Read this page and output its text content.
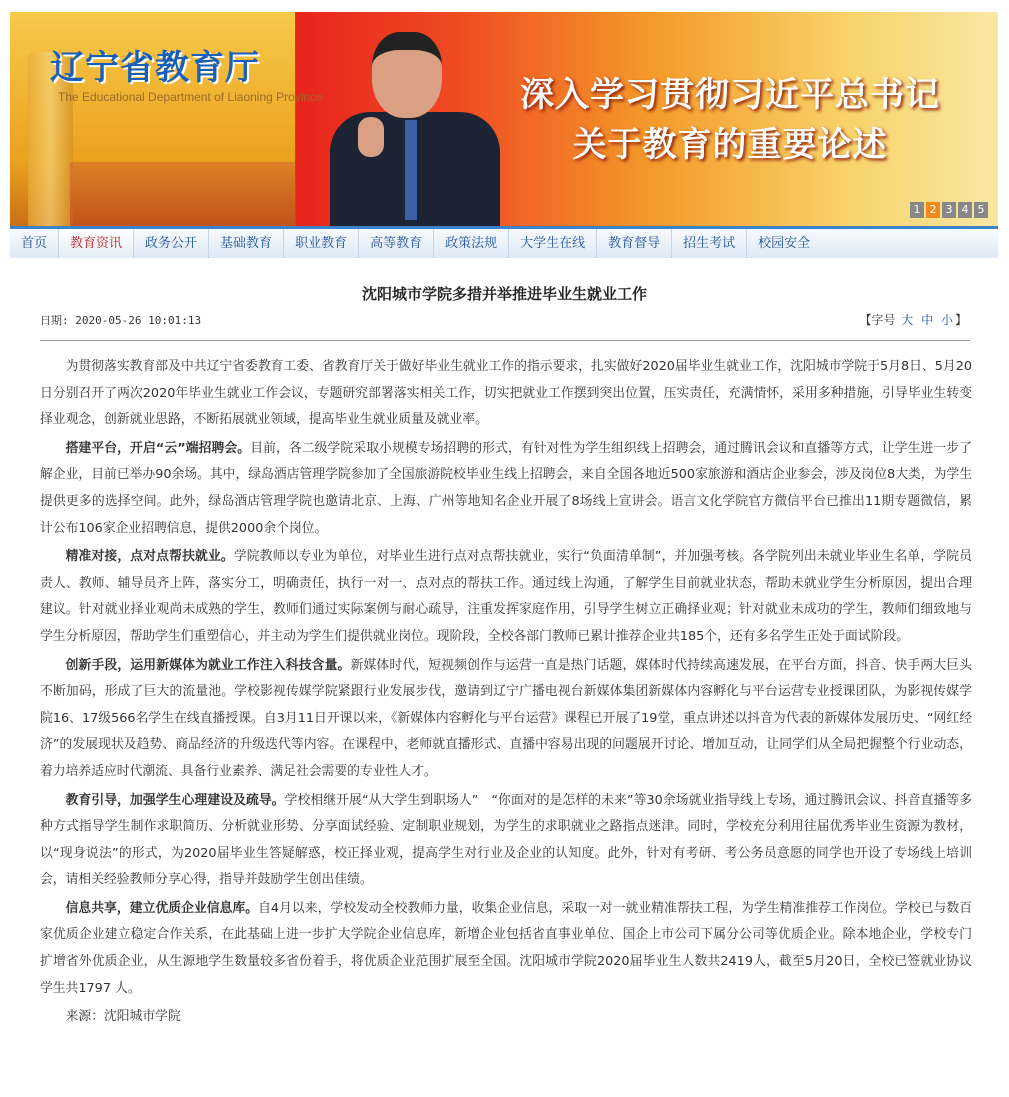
辽宁省教育厅
The Educational Department of Liaoning Province	深入学习贯彻习近平总书记
关于教育的重要论述
1 2 3 4 5
首页	教育资讯	政务公开	基础教育	职业教育	高等教育	政策法规	大学生在线	教育督导	招生考试	校园安全
沈阳城市学院多措并举推进毕业生就业工作
日期: 2020-05-26 10:01:13	【字号 大 中 小 】

为贯彻落实教育部及中共辽宁省委教育工委、省教育厅关于做好毕业生就业工作的指示要求，扎实做好2020届毕业生就业工作，沈阳城市学院于5月8日、5月20日分别召开了两次2020年毕业生就业工作会议，专题研究部署落实相关工作，切实把就业工作摆到突出位置，压实责任，充满情怀，采用多种措施，引导毕业生转变择业观念，创新就业思路，不断拓展就业领域，提高毕业生就业质量及就业率。

搭建平台，开启“云”端招聘会。目前，各二级学院采取小规模专场招聘的形式，有针对性为学生组织线上招聘会，通过腾讯会议和直播等方式，让学生进一步了解企业，目前已举办90余场。其中，绿岛酒店管理学院参加了全国旅游院校毕业生线上招聘会，来自全国各地近500家旅游和酒店企业参会，涉及岗位8大类，为学生提供更多的选择空间。此外，绿岛酒店管理学院也邀请北京、上海、广州等地知名企业开展了8场线上宣讲会。语言文化学院官方微信平台已推出11期专题微信，累计公布106家企业招聘信息，提供2000余个岗位。

精准对接，点对点帮扶就业。学院教师以专业为单位，对毕业生进行点对点帮扶就业，实行“负面清单制”，并加强考核。各学院列出未就业毕业生名单，学院员责人、教师、辅导员齐上阵，落实分工，明确责任，执行一对一、点对点的帮扶工作。通过线上沟通，了解学生目前就业状态，帮助未就业学生分析原因，提出合理建议。针对就业择业观尚未成熟的学生，教师们通过实际案例与耐心疏导，注重发挥家庭作用，引导学生树立正确择业观；针对就业未成功的学生，教师们细致地与学生分析原因，帮助学生们重塑信心，并主动为学生们提供就业岗位。现阶段，全校各部门教师已累计推荐企业共185个，还有多名学生正处于面试阶段。

创新手段，运用新媒体为就业工作注入科技含量。新媒体时代，短视频创作与运营一直是热门话题，媒体时代持续高速发展，在平台方面，抖音、快手两大巨头不断加码，形成了巨大的流量池。学校影视传媒学院紧跟行业发展步伐，邀请到辽宁广播电视台新媒体集团新媒体内容孵化与平台运营专业授课团队，为影视传媒学院16、17级566名学生在线直播授课。自3月11日开课以来，《新媒体内容孵化与平台运营》课程已开展了19堂，重点讲述以抖音为代表的新媒体发展历史、“网红经济”的发展现状及趋势、商品经济的升级迭代等内容。在课程中，老师就直播形式、直播中容易出现的问题展开讨论、增加互动，让同学们从全局把握整个行业动态，着力培养适应时代潮流、具备行业素养、满足社会需要的专业性人才。

教育引导，加强学生心理建设及疏导。学校相继开展“从大学生到职场人”　“你面对的是怎样的未来”等30余场就业指导线上专场，通过腾讯会议、抖音直播等多种方式指导学生制作求职简历、分析就业形势、分享面试经验、定制职业规划，为学生的求职就业之路指点迷津。同时，学校充分利用往届优秀毕业生资源为教材，以“现身说法”的形式，为2020届毕业生答疑解惑，校正择业观，提高学生对行业及企业的认知度。此外，针对有考研、考公务员意愿的同学也开设了专场线上培训会，请相关经验教师分享心得，指导并鼓励学生创出佳绩。

信息共享，建立优质企业信息库。自4月以来，学校发动全校教师力量，收集企业信息，采取一对一就业精准帮扶工程，为学生精准推荐工作岗位。学校已与数百家优质企业建立稳定合作关系，在此基础上进一步扩大学院企业信息库，新增企业包括省直事业单位、国企上市公司下属分公司等优质企业。除本地企业，学校专门扩增省外优质企业，从生源地学生数量较多省份着手，将优质企业范围扩展至全国。沈阳城市学院2020届毕业生人数共2419人，截至5月20日，全校已签就业协议学生共1797 人。

来源：沈阳城市学院
